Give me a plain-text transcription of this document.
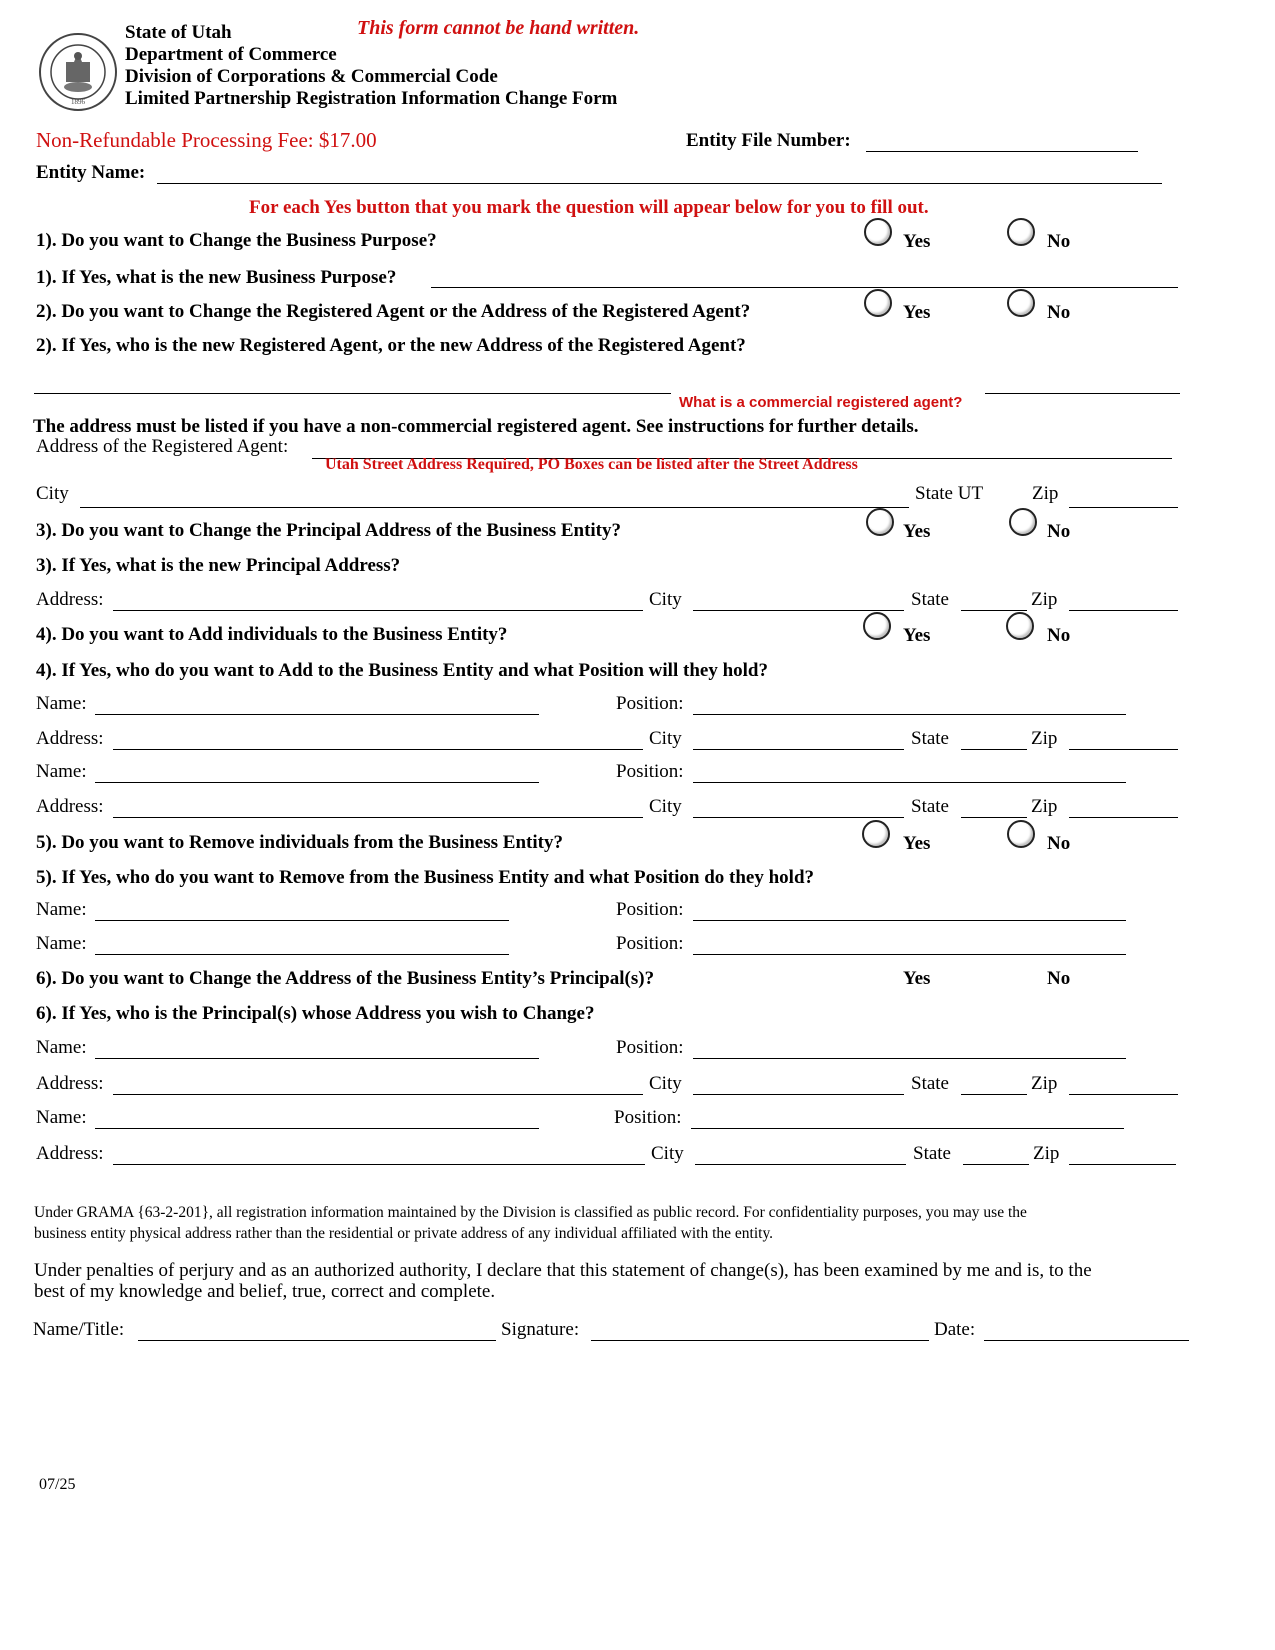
1896
State of Utah
Department of Commerce
Division of Corporations & Commercial Code
Limited Partnership Registration Information Change Form
This form cannot be hand written.
Non-Refundable Processing Fee: $17.00	Entity File Number:
Entity Name:
For each Yes button that you mark the question will appear below for you to fill out.
1). Do you want to Change the Business Purpose?	Yes	No
1). If Yes, what is the new Business Purpose?
2). Do you want to Change the Registered Agent or the Address of the Registered Agent?	Yes	No
2). If Yes, who is the new Registered Agent, or the new Address of the Registered Agent?
What is a commercial registered agent?
The address must be listed if you have a non-commercial registered agent. See instructions for further details.
Address of the Registered Agent:
Utah Street Address Required, PO Boxes can be listed after the Street Address
City	State UT	Zip
3). Do you want to Change the Principal Address of the Business Entity?	Yes	No
3). If Yes, what is the new Principal Address?
Address:	City	State	Zip
4). Do you want to Add individuals to the Business Entity?	Yes	No
4). If Yes, who do you want to Add to the Business Entity and what Position will they hold?
Name:	Position:
Address:	City	State	Zip
Name:	Position:
Address:	City	State	Zip
5). Do you want to Remove individuals from the Business Entity?	Yes	No
5). If Yes, who do you want to Remove from the Business Entity and what Position do they hold?
Name:	Position:
Name:	Position:
6). Do you want to Change the Address of the Business Entity’s Principal(s)?	Yes	No
6). If Yes, who is the Principal(s) whose Address you wish to Change?
Name:	Position:
Address:	City	State	Zip
Name:	Position:
Address:	City	State	Zip
Under GRAMA {63-2-201}, all registration information maintained by the Division is classified as public record. For confidentiality purposes, you may use the
business entity physical address rather than the residential or private address of any individual affiliated with the entity.
Under penalties of perjury and as an authorized authority, I declare that this statement of change(s), has been examined by me and is, to the
best of my knowledge and belief, true, correct and complete.
Name/Title:	Signature:	Date:
07/25
